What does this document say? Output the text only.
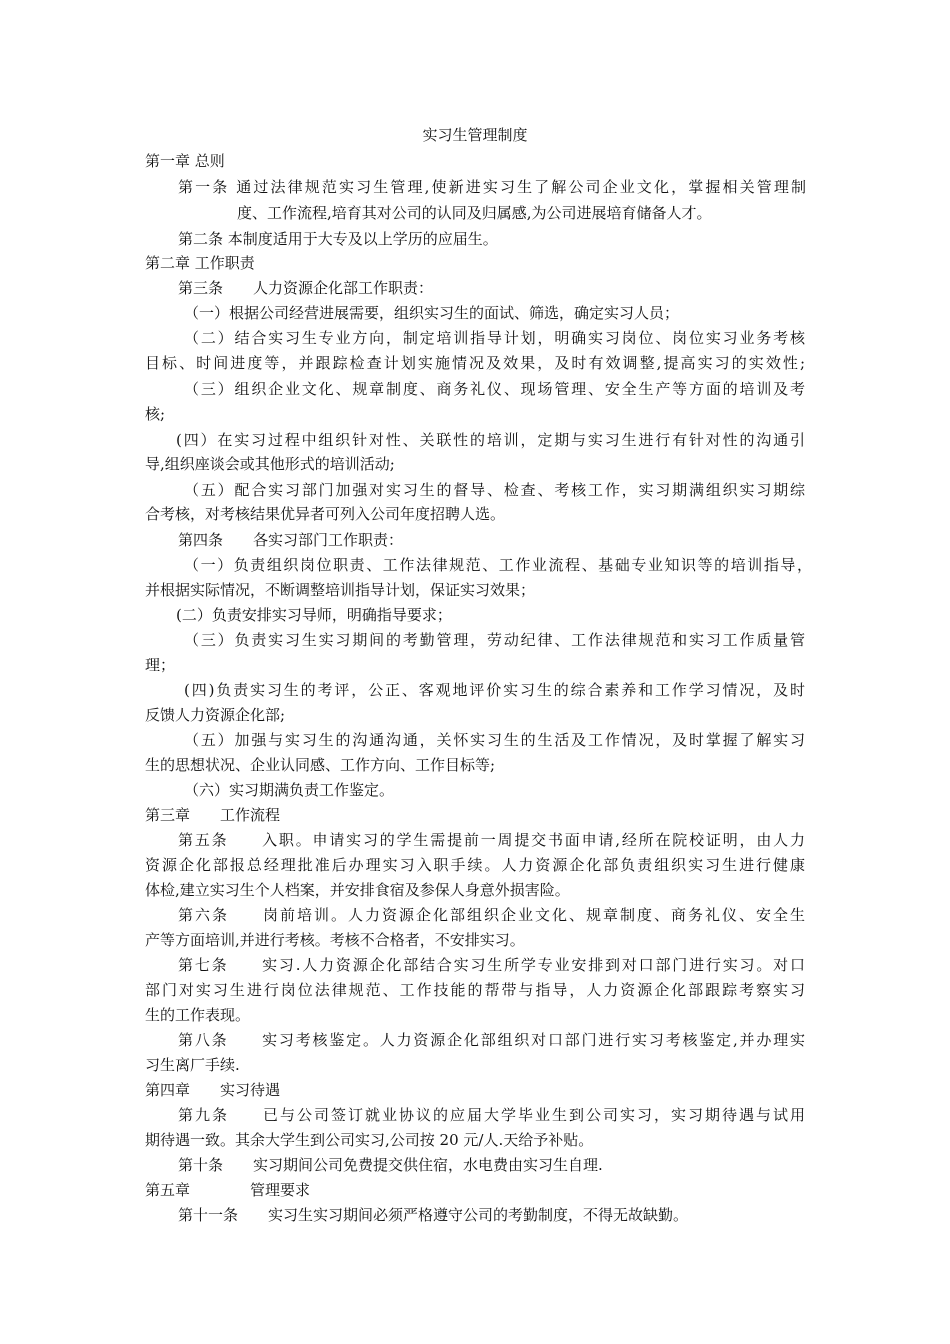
实习生管理制度
第一章 总则
第一条 通过法律规范实习生管理,使新进实习生了解公司企业文化，掌握相关管理制
度、工作流程,培育其对公司的认同及归属感,为公司进展培育储备人才。
第二条 本制度适用于大专及以上学历的应届生。
第二章 工作职责
第三条　　人力资源企化部工作职责：
（一）根据公司经营进展需要，组织实习生的面试、筛选，确定实习人员；
（二）结合实习生专业方向，制定培训指导计划，明确实习岗位、岗位实习业务考核
目标、时间进度等，并跟踪检查计划实施情况及效果，及时有效调整,提高实习的实效性;
（三）组织企业文化、规章制度、商务礼仪、现场管理、安全生产等方面的培训及考
核;
(四）在实习过程中组织针对性、关联性的培训，定期与实习生进行有针对性的沟通引
导,组织座谈会或其他形式的培训活动;
（五）配合实习部门加强对实习生的督导、检查、考核工作，实习期满组织实习期综
合考核，对考核结果优异者可列入公司年度招聘人选。
第四条　　各实习部门工作职责：
（一）负责组织岗位职责、工作法律规范、工作业流程、基础专业知识等的培训指导，
并根据实际情况，不断调整培训指导计划，保证实习效果；
(二）负责安排实习导师，明确指导要求；
（三）负责实习生实习期间的考勤管理，劳动纪律、工作法律规范和实习工作质量管
理；
(四)负责实习生的考评，公正、客观地评价实习生的综合素养和工作学习情况，及时
反馈人力资源企化部;
（五）加强与实习生的沟通沟通，关怀实习生的生活及工作情况，及时掌握了解实习
生的思想状况、企业认同感、工作方向、工作目标等;
（六）实习期满负责工作鉴定。
第三章　　工作流程
第五条　　入职。申请实习的学生需提前一周提交书面申请,经所在院校证明，由人力
资源企化部报总经理批准后办理实习入职手续。人力资源企化部负责组织实习生进行健康
体检,建立实习生个人档案，并安排食宿及参保人身意外损害险。
第六条　　岗前培训。人力资源企化部组织企业文化、规章制度、商务礼仪、安全生
产等方面培训,并进行考核。考核不合格者，不安排实习。
第七条　　实习.人力资源企化部结合实习生所学专业安排到对口部门进行实习。对口
部门对实习生进行岗位法律规范、工作技能的帮带与指导，人力资源企化部跟踪考察实习
生的工作表现。
第八条　　实习考核鉴定。人力资源企化部组织对口部门进行实习考核鉴定,并办理实
习生离厂手续.
第四章　　实习待遇
第九条　　已与公司签订就业协议的应届大学毕业生到公司实习，实习期待遇与试用
期待遇一致。其余大学生到公司实习,公司按 20 元/人.天给予补贴。
第十条　　实习期间公司免费提交供住宿，水电费由实习生自理.
第五章　　　　管理要求
第十一条　　实习生实习期间必须严格遵守公司的考勤制度，不得无故缺勤。
